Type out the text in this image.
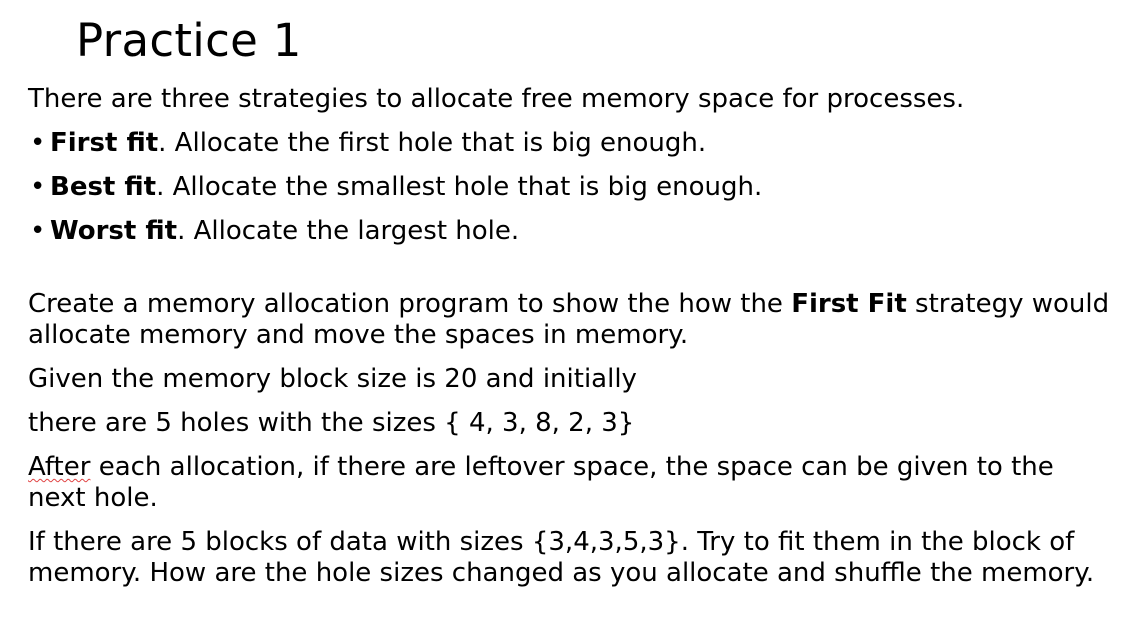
Practice 1

There are three strategies to allocate free memory space for processes.

• First fit. Allocate the first hole that is big enough.
• Best fit. Allocate the smallest hole that is big enough.
• Worst fit. Allocate the largest hole.

Create a memory allocation program to show the how the First Fit strategy would allocate memory and move the spaces in memory.

Given the memory block size is 20 and initially

there are 5 holes with the sizes { 4, 3, 8, 2, 3}

After each allocation, if there are leftover space, the space can be given to the next hole.

If there are 5 blocks of data with sizes {3,4,3,5,3}. Try to fit them in the block of memory. How are the hole sizes changed as you allocate and shuffle the memory.
